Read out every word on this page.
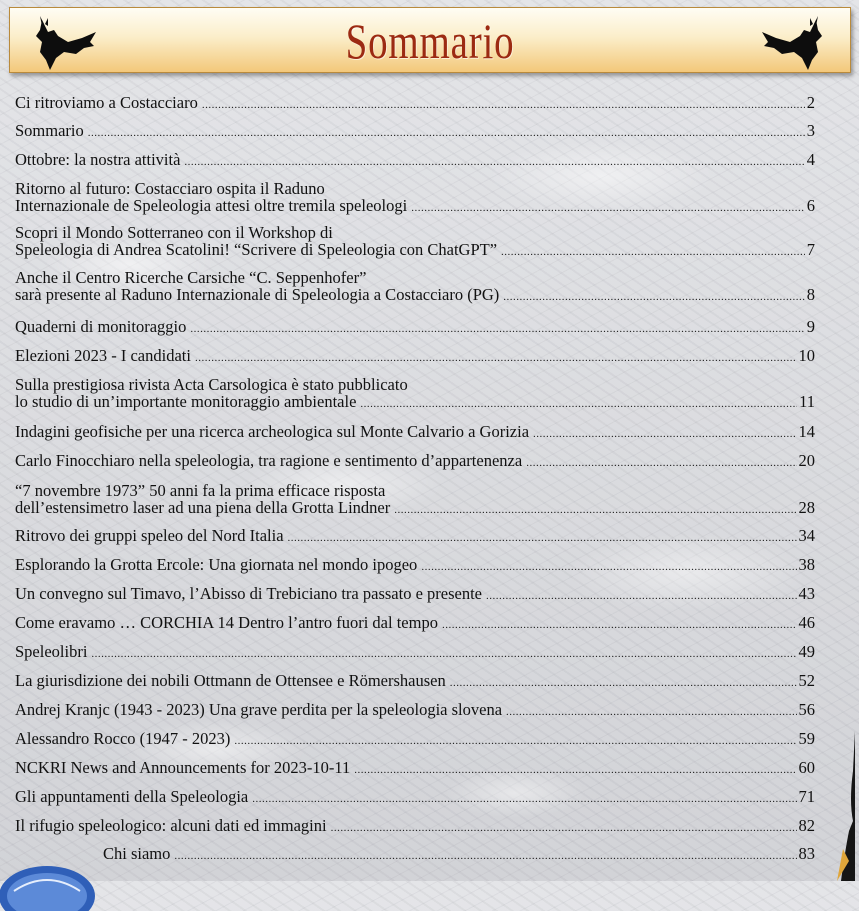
Sommario
Ci ritroviamo a Costacciaro .....	2
Sommario .....	3
Ottobre: la nostra attività .....	4
Ritorno al futuro: Costacciaro ospita il Raduno
Internazionale de Speleologia attesi oltre tremila speleologi .....	6
Scopri il Mondo Sotterraneo con il Workshop di
Speleologia di Andrea Scatolini! “Scrivere di Speleologia con ChatGPT” .....	7
Anche il Centro Ricerche Carsiche “C. Seppenhofer”
sarà presente al Raduno Internazionale di Speleologia a Costacciaro (PG) .....	8
Quaderni di monitoraggio .....	9
Elezioni 2023 - I candidati .....	10
Sulla prestigiosa rivista Acta Carsologica è stato pubblicato
lo studio di un’importante monitoraggio ambientale .....	11
Indagini geofisiche per una ricerca archeologica sul Monte Calvario a Gorizia .....	14
Carlo Finocchiaro nella speleologia, tra ragione e sentimento d’appartenenza .....	20
“7 novembre 1973” 50 anni fa la prima efficace risposta
dell’estensimetro laser ad una piena della Grotta Lindner .....	28
Ritrovo dei gruppi speleo del Nord Italia .....	34
Esplorando la Grotta Ercole: Una giornata nel mondo ipogeo .....	38
Un convegno sul Timavo, l’Abisso di Trebiciano tra passato e presente .....	43
Come eravamo … CORCHIA 14 Dentro l’antro fuori dal tempo .....	46
Speleolibri .....	49
La giurisdizione dei nobili Ottmann de Ottensee e Römershausen .....	52
Andrej Kranjc (1943 - 2023) Una grave perdita per la speleologia slovena .....	56
Alessandro Rocco (1947 - 2023) .....	59
NCKRI News and Announcements for 2023-10-11 .....	60
Gli appuntamenti della Speleologia .....	71
Il rifugio speleologico: alcuni dati ed immagini .....	82
Chi siamo .....	83
